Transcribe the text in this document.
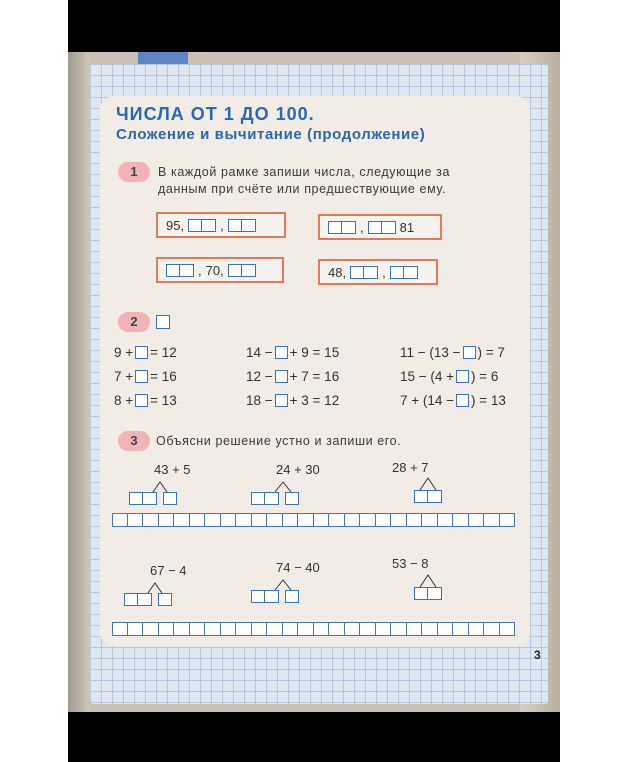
ЧИСЛА ОТ 1 ДО 100.
Сложение и вычитание (продолжение)
1	В каждой рамке запиши числа, следующие за
данным при счёте или предшествующие ему.
95,	,	,	81
, 70,	48,	,
2
9 + = 12
7 + = 16
8 + = 13
14 − + 9 = 15
12 − + 7 = 16
18 − + 3 = 12
11 − (13 − ) = 7
15 − (4 + ) = 6
7 + (14 − ) = 13
3	Объясни решение устно и запиши его.
43 + 5	24 + 30	28 + 7
67 − 4	74 − 40	53 − 8
3
